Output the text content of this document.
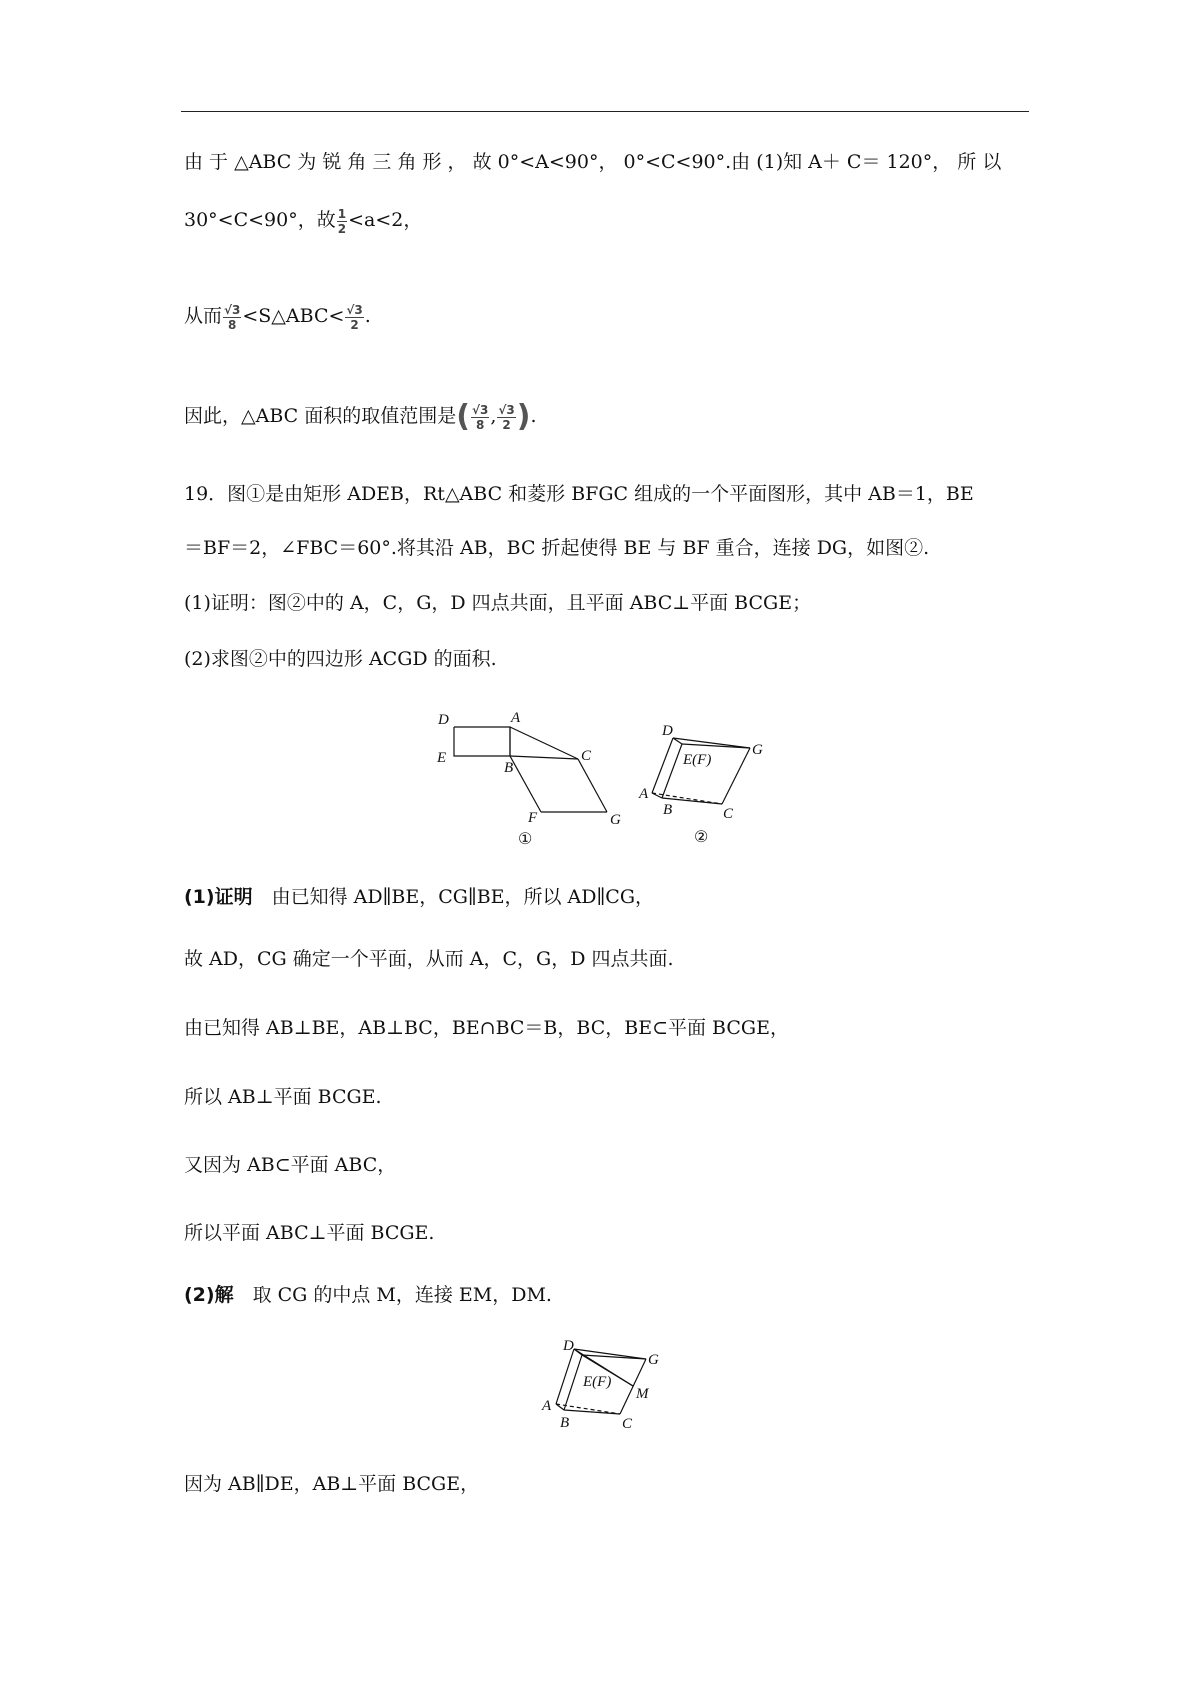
由 于 △ABC 为 锐 角 三 角 形 ， 故 0°<A<90°， 0°<C<90°.由 (1)知 A＋ C＝ 120°， 所 以
30°<C<90°，故 $\frac{1}{2} <a<2$，
从而 $\frac{√3}{8}$ <S△ABC< $\frac{√3}{2}$ .
因此，△ABC 面积的取值范围是( $\frac{√3}{8}$ , $\frac{√3}{2}$ ).
19．图①是由矩形 ADEB，Rt△ABC 和菱形 BFGC 组成的一个平面图形，其中 AB＝1，BE
＝BF＝2，∠FBC＝60°.将其沿 AB，BC 折起使得 BE 与 BF 重合，连接 DG，如图②.
(1)证明：图②中的 A，C，G，D 四点共面，且平面 ABC⊥平面 BCGE；
(2)求图②中的四边形 ACGD 的面积.
D	A
E
B
C
F	G
①
D
E(F)
G
A
B	C
②
(1)证明　由已知得 AD∥BE，CG∥BE，所以 AD∥CG，
故 AD，CG 确定一个平面，从而 A，C，G，D 四点共面.
由已知得 AB⊥BE，AB⊥BC，BE∩BC＝B，BC，BE⊂平面 BCGE，
所以 AB⊥平面 BCGE.
又因为 AB⊂平面 ABC，
所以平面 ABC⊥平面 BCGE.
(2)解　取 CG 的中点 M，连接 EM，DM.
D
G
E(F)
M
A
B	C
因为 AB∥DE，AB⊥平面 BCGE，
